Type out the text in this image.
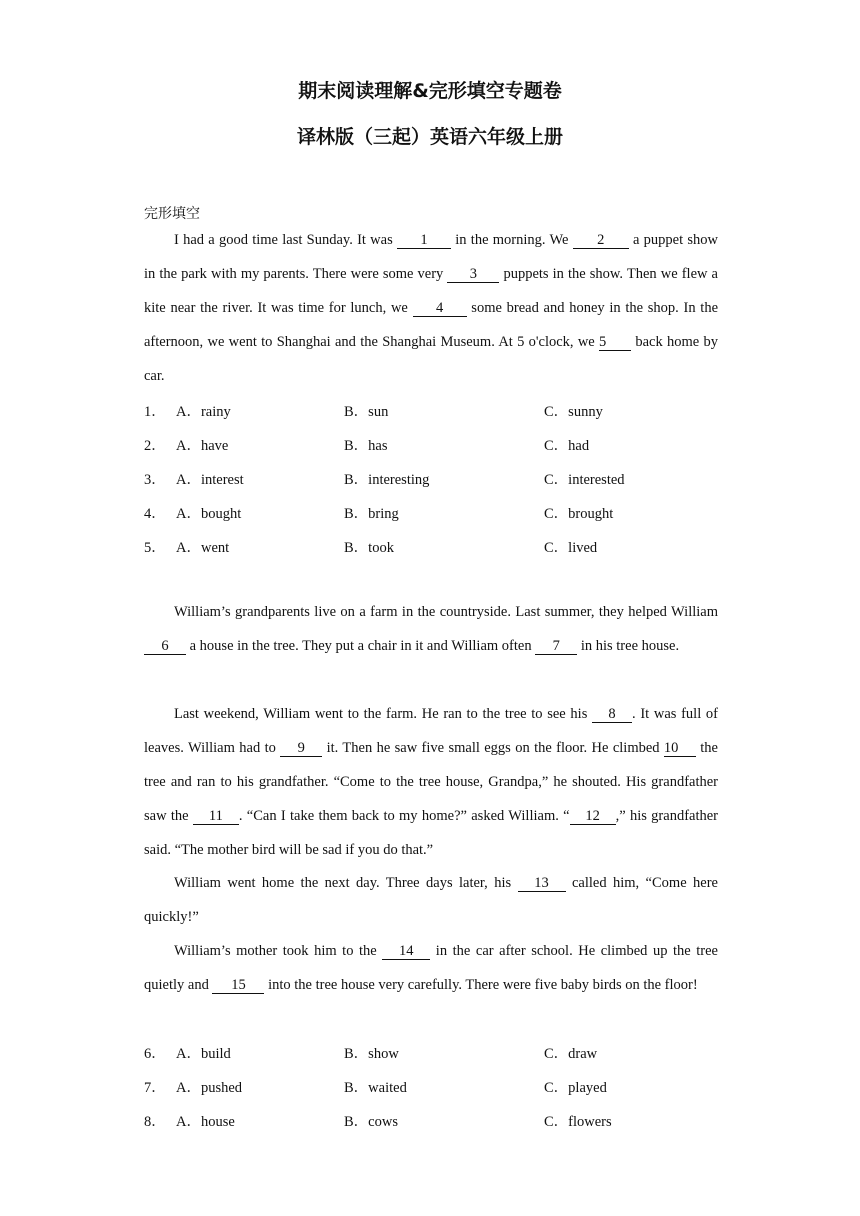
期末阅读理解&完形填空专题卷
译林版（三起）英语六年级上册
完形填空

I had a good time last Sunday. It was 1 in the morning. We 2 a puppet show in the park with my parents. There were some very 3 puppets in the show. Then we flew a kite near the river. It was time for lunch, we 4 some bread and honey in the shop. In the afternoon, we went to Shanghai and the Shanghai Museum. At 5 o'clock, we 5 back home by car.

1． A．rainy	B．sun	C．sunny
2． A．have	B．has	C．had
3． A．interest	B．interesting	C．interested
4． A．bought	B．bring	C．brought
5． A．went	B．took	C．lived

William’s grandparents live on a farm in the countryside. Last summer, they helped William 6 a house in the tree. They put a chair in it and William often 7 in his tree house.

Last weekend, William went to the farm. He ran to the tree to see his 8 . It was full of leaves. William had to 9 it. Then he saw five small eggs on the floor. He climbed 10 the tree and ran to his grandfather. “Come to the tree house, Grandpa,” he shouted. His grandfather saw the 11 . “Can I take them back to my home?” asked William. “ 12 ,” his grandfather said. “The mother bird will be sad if you do that.”

William went home the next day. Three days later, his 13 called him, “Come here quickly!”

William’s mother took him to the 14 in the car after school. He climbed up the tree quietly and 15 into the tree house very carefully. There were five baby birds on the floor!

6． A．build	B．show	C．draw
7． A．pushed	B．waited	C．played
8． A．house	B．cows	C．flowers
